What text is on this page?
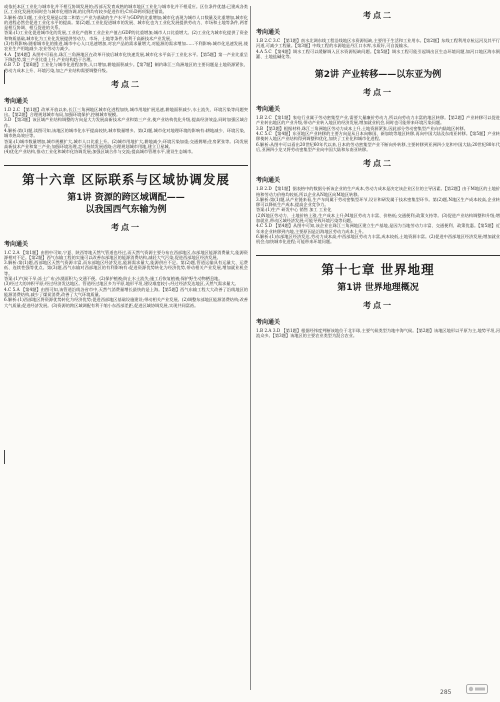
或依托本区工业化与城市化并不相互协调发展的;西部无发育成熟的城市地区工业化与城市化并不相适应。区位条件优越:已建成各类区,工业化发展的同时会与城市化相协调,的比例均有较多促进作用;C项:D两项叙述错误。

3.解析:第(1)题,工业化发展是以第二和第三产业为基础的生产水平与GDP的比重增加;城市化表现为城市人口数量及比重增加,城市化的进程必然会促进工业化水平的提高。第(2)题,工业化促进城市的发展、城市化也为工业化发展提供劳动力、市场和土地等条件,两者是相互协调、相互促进的关系。

答案:(1)工业化促进城市化的发展,工业化产值和工业企业产值占GDP的比重增加;城市人口比重增大。(2)工业化为城市化提供了资金和物质基础,城市化为工业化发展提供劳动力、市场、土地等条件,有利于高新技术产业发展。

(3)有利影响:随着城市化的推进,城市中心人口迅速增加,对农产品的需求量增大,对能源的需求增加……不利影响:城市化迅速发展,使农业生产用地减少,农业劳动力减少。

4.A 【第4题】从图中可看出,珠江三角洲地区在改革开放后城市化快速发展,城市化水平高于工业化水平。【第5题】第一产业比重呈下降趋势,第三产业比重上升,产业结构趋于合理。

6.B 7.D 【第6题】工业化与城市化进程加快,人口增加,耕地面积减少。【第7题】制约珠江三角洲地区的主要问题是土地资源紧张、劳动力成本上升、环境污染,加之产业结构需要调整升级。

考点二
考向通关

1.D 2.C 【第1题】改革开放以来,长江三角洲地区城市化进程加快,城市用地扩展迅速,耕地面积减少,水土流失、环境污染等问题突出。【第2题】合理规划城市布局,加强环境保护,控制城市规模。

3.D 【第3题】该区域产业结构调整的方向是大力发展高新技术产业和第三产业,使产业结构优化升级,提高经济效益,同时加强区域合作。

4.解析:第(1)题,读图可知,该地区的城市化水平提高较快,城市数量增多。第(2)题,城市化对地理环境的影响有:耕地减少、环境污染、城市热岛效应等。

答案:(1)城市数量增加,城市规模扩大,城市人口比重上升。(2)城市用地扩大,耕地减少;环境污染加重;交通拥堵;住房紧张等。(3)发展高新技术产业和第三产业;加强环境治理,走可持续发展道路;合理规划城市用地,建立卫星城。

(4)优化产业结构,推动工业化和城市化协调发展;加强区域合作与交流;提高城市管理水平,建设生态城市。

第十六章 区际联系与区域协调发展
第1讲 资源的跨区域调配——
以我国西气东输为例
考点一
考向通关

1.C 2.A 【第1题】由图中可知,宁夏、陕西等地天然气管道也经过,而天然气资源主要分布在西部地区,东部地区能源消费量大,能源资源相对不足。【第2题】西气东输工程的实施可以改善东部地区的能源消费结构,减轻大气污染,促进西部地区经济发展。

3.解析:第(1)题,西部地区天然气资源丰富,而东部地区经济发达,能源需求量大,能源供应不足。第(2)题,管道运输具有运量大、运费低、连续性强等优点。第(3)题,西气东输对西部地区的有利影响有:促进资源优势转化为经济优势,带动相关产业发展,增加就业机会等。

答案:(1)气候干旱;冻土广布;沙漠面积大;交通不便。(2)保护植被;防止水土流失;施工后恢复植被;保护野生动物栖息地。

(3)经过大的冲积平原;经过经济发达地区。管道经过地区多为平原,地形平坦,建设难度较小;经过经济发达地区,天然气需求量大。

4.C 5.A 【第4题】由图可知,该管道沿线各省市中,天然气消费量增长最快的是上海。【第5题】西气东输工程大大改善了沿线地区的能源消费结构,减少了煤炭消费,改善了大气环境质量。

6.解析:(1)西部地区将资源优势转化为经济优势;促进西部地区基础设施建设;带动相关产业发展。(2)调整东部地区能源消费结构;改善大气质量;促进经济发展。(3)资源的跨区域调配有利于缩小东西部差距,促进区域协调发展,实现共同富裕。

考点二
考向通关

1.B 2.C 3.C 【第1题】南水北调东线工程沿线地区水资源短缺,主要用于生活和工业用水。【第2题】东线工程利用京杭运河及其平行河道,可减少工程量。【第3题】中线工程的水源地是丹江口水库,水质好,可自流输水。

4.A 5.C 【第4题】调水工程可以缓解调入区水资源短缺问题。【第5题】调水工程可能引起调出区生态环境问题,如河口地区海水倒灌、土地盐碱化等。

第2讲 产业转移——以东亚为例
考点一
考向通关

1.B 2.C 【第1题】家电行业属于劳动密集型产业,需要大量廉价劳动力,所以向劳动力丰富的地区转移。【第2题】产业转移可以促进产业转出地区的产业升级,带动产业转入地区的经济发展,增加就业机会,同时也可能带来环境污染问题。

3.B 【第3题】根据材料,珠江三角洲地区劳动力成本上升,土地资源紧张,因此部分劳动密集型产业向内陆地区转移。

4.C 5.C 【第4题】东亚地区产业转移的主要方向是从日本向韩国、新加坡等地区转移,再向中国大陆及东南亚转移。【第5题】产业转移使转入地区产业结构得到调整和优化,加快了工业化和城市化进程。

6.解析:从图中可以看出20世纪60年代以来,日本的劳动密集型产业不断向外转移,主要转移到亚洲四小龙和中国大陆;20世纪80年代后,亚洲四小龙又将劳动密集型产业向中国大陆和东南亚转移。

考点二
考向通关

1.B 2.D 【第1题】据表格中的数据分析该企业的生产成本,劳动力成本是决定该企业区位的主导因素。【第2题】由于M地区的土地价格和劳动力价格均较低,所以企业从N地区向M地区转移。

3.解析:第(1)题,从产业链来看,生产车间属于劳动密集型环节,设计和研发属于技术密集型环节。第(2)题,N地区生产成本较高,企业转移可以降低生产成本,提高企业竞争力。

答案:(1)生产 研发中心 销售 加工 工业化

(2)N地区劳动力、土地价格上涨,生产成本上升;M地区劳动力丰富、价格低;交通便利;政策支持等。(3)促进产业结构调整和升级;增加就业,带动区域经济发展;可能导致环境污染等问题。

4.C 5.D 【第4题】从图中可知,该企业在珠江三角洲地区建立生产基地,是因为当地劳动力丰富、交通便利、政策优惠。【第5题】近年来企业转移到内地,主要原因是沿海地区劳动力成本上升。

6.解析:(1)东部地区经济发达,劳动力成本高;中西部地区劳动力丰富,成本较低,土地资源丰富。(2)促进中西部地区经济发展;增加就业机会;加快城市化进程;可能带来环境问题。

第十七章 世界地理
第1讲 世界地理概况
考点一
考向通关

1.B 2.A 3.D 【第1题】根据经纬度判断该地位于北半球,主要气候类型为地中海气候。【第2题】该地区地形以平原为主,地势平坦,河流众多。【第3题】该地区的主要农业类型为混合农业。

285
